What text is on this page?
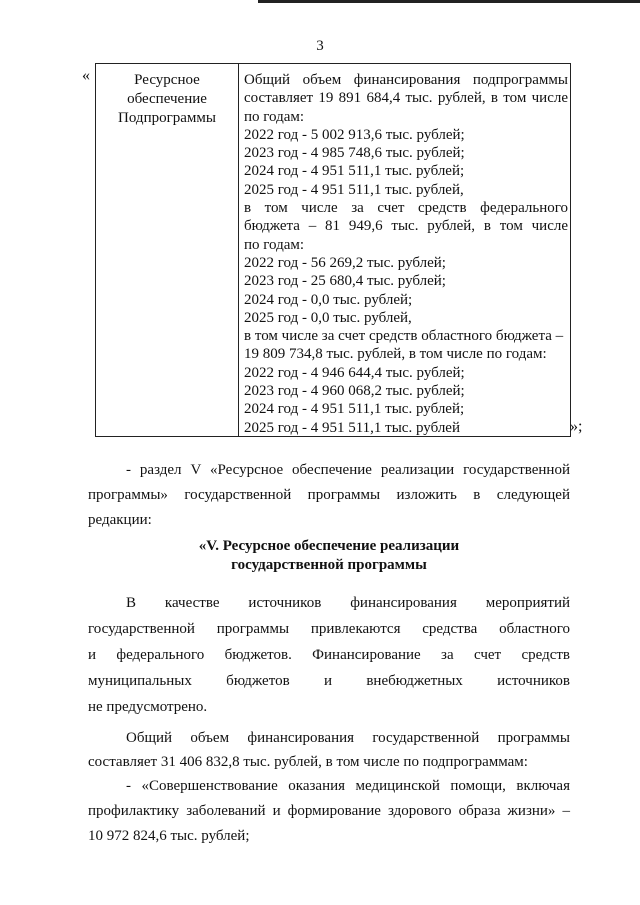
3
«	Ресурсное
обеспечение
Подпрограммы
Общий объем финансирования подпрограммы
составляет 19 891 684,4 тыс. рублей, в том числе
по годам:
2022 год - 5 002 913,6 тыс. рублей;
2023 год - 4 985 748,6 тыс. рублей;
2024 год - 4 951 511,1 тыс. рублей;
2025 год - 4 951 511,1 тыс. рублей,
в том числе за счет средств федерального
бюджета – 81 949,6 тыс. рублей, в том числе
по годам:
2022 год - 56 269,2 тыс. рублей;
2023 год - 25 680,4 тыс. рублей;
2024 год - 0,0 тыс. рублей;
2025 год - 0,0 тыс. рублей,
в том числе за счет средств областного бюджета –
19 809 734,8 тыс. рублей, в том числе по годам:
2022 год - 4 946 644,4 тыс. рублей;
2023 год - 4 960 068,2 тыс. рублей;
2024 год - 4 951 511,1 тыс. рублей;
2025 год - 4 951 511,1 тыс. рублей	»;
- раздел V «Ресурсное обеспечение реализации государственной
программы» государственной программы изложить в следующей
редакции:
«V. Ресурсное обеспечение реализации
государственной программы
В качестве источников финансирования мероприятий
государственной программы привлекаются средства областного
и федерального бюджетов. Финансирование за счет средств
муниципальных бюджетов и внебюджетных источников
не предусмотрено.
Общий объем финансирования государственной программы
составляет 31 406 832,8 тыс. рублей, в том числе по подпрограммам:
- «Совершенствование оказания медицинской помощи, включая
профилактику заболеваний и формирование здорового образа жизни» –
10 972 824,6 тыс. рублей;
